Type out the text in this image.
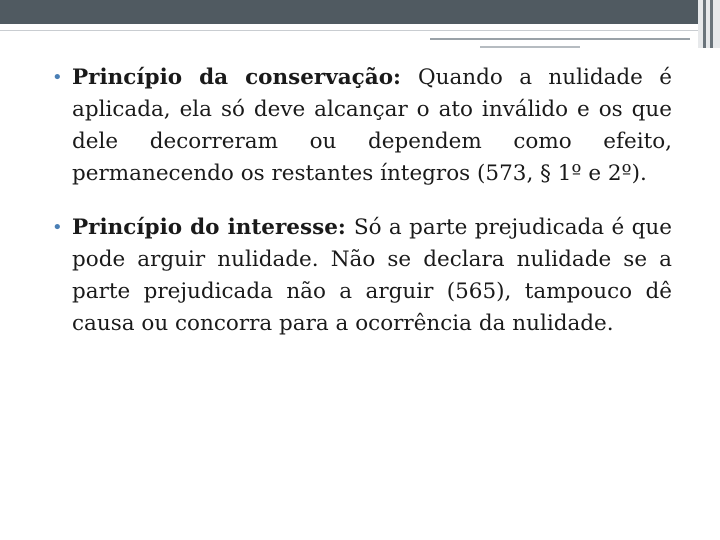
• Princípio da conservação: Quando a nulidade é aplicada, ela só deve alcançar o ato inválido e os que dele decorreram ou dependem como efeito, permanecendo os restantes íntegros (573, § 1º e 2º).
• Princípio do interesse: Só a parte prejudicada é que pode arguir nulidade. Não se declara nulidade se a parte prejudicada não a arguir (565), tampouco dê causa ou concorra para a ocorrência da nulidade.
